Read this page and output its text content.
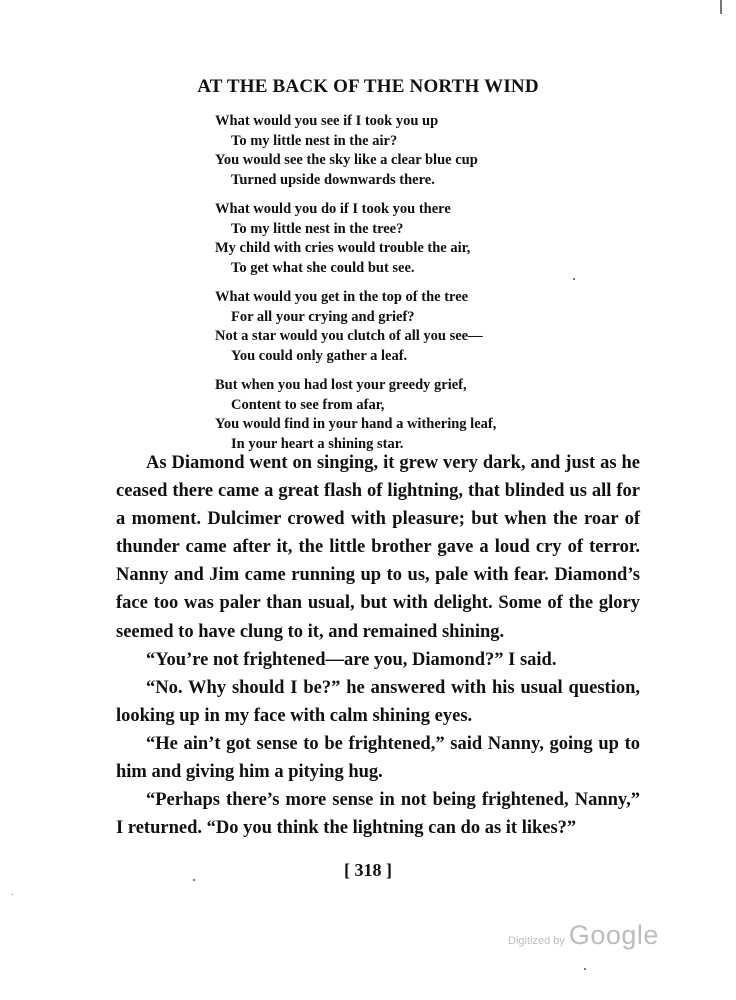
AT THE BACK OF THE NORTH WIND
What would you see if I took you up
To my little nest in the air?
You would see the sky like a clear blue cup
Turned upside downwards there.
What would you do if I took you there
To my little nest in the tree?
My child with cries would trouble the air,
To get what she could but see.
What would you get in the top of the tree
For all your crying and grief?
Not a star would you clutch of all you see—
You could only gather a leaf.
But when you had lost your greedy grief,
Content to see from afar,
You would find in your hand a withering leaf,
In your heart a shining star.

As Diamond went on singing, it grew very dark, and just as he ceased there came a great flash of lightning, that blinded us all for a moment. Dulcimer crowed with pleasure; but when the roar of thunder came after it, the little brother gave a loud cry of terror. Nanny and Jim came running up to us, pale with fear. Diamond’s face too was paler than usual, but with delight. Some of the glory seemed to have clung to it, and remained shining.

“You’re not frightened—are you, Diamond?” I said.

“No. Why should I be?” he answered with his usual question, looking up in my face with calm shining eyes.

“He ain’t got sense to be frightened,” said Nanny, going up to him and giving him a pitying hug.

“Perhaps there’s more sense in not being frightened, Nanny,” I returned. “Do you think the lightning can do as it likes?”

[ 318 ]
Digitized by Google
